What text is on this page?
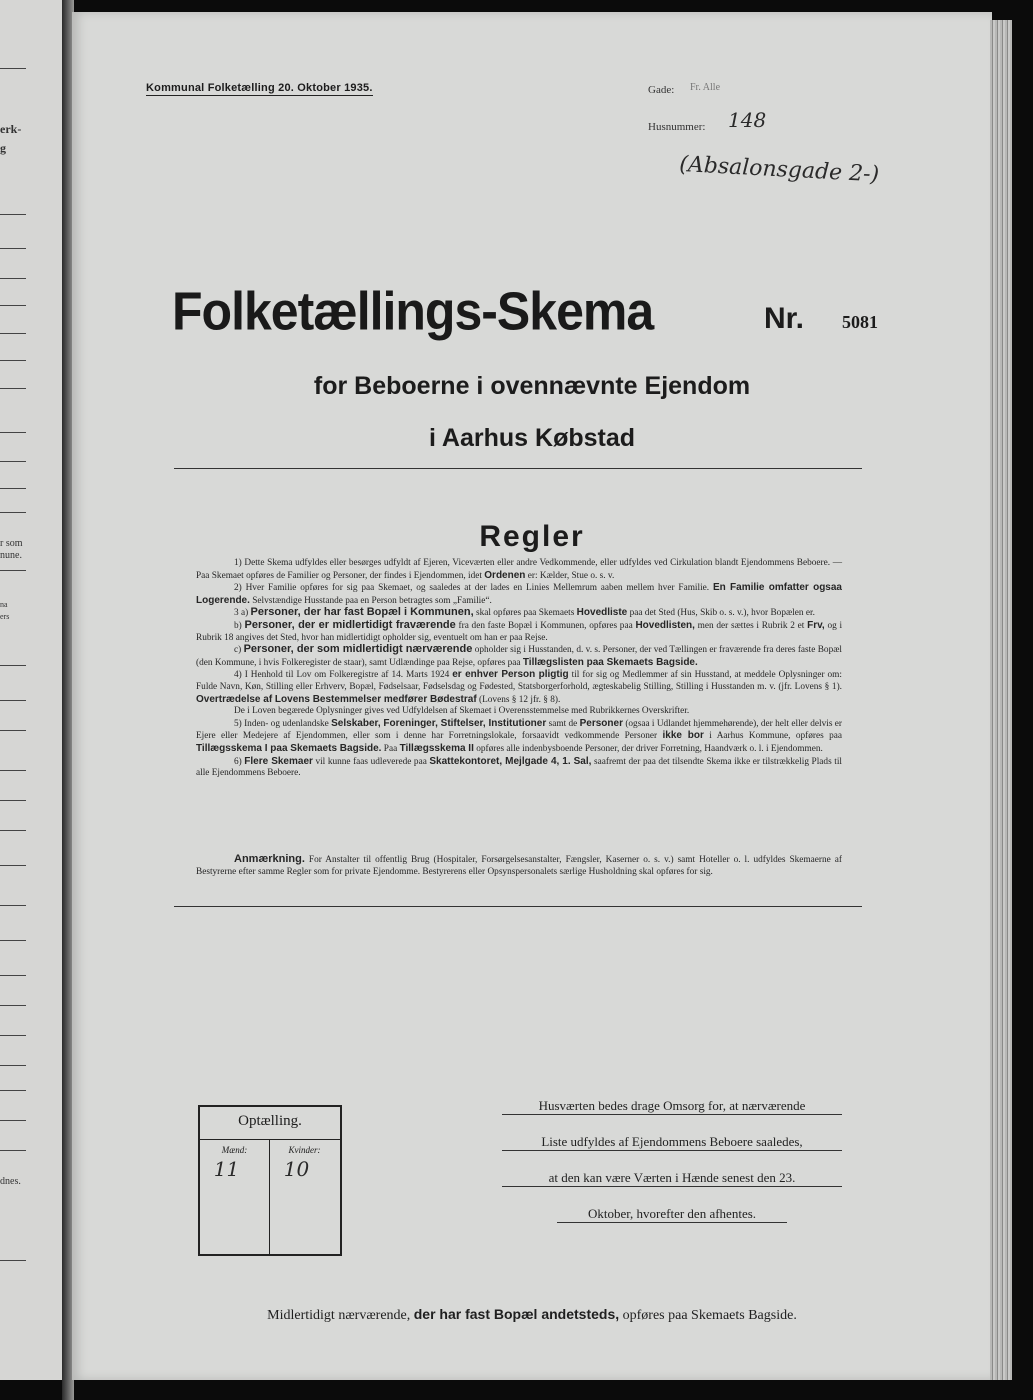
erk-
g
r som
nune.
na
ers
dnes.
Kommunal Folketælling 20. Oktober 1935.	Gade: Fr. Alle
Husnummer: 148
(Absalonsgade 2-)
Folketællings-Skema	Nr. 5081
for Beboerne i ovennævnte Ejendom
i Aarhus Købstad
Regler

1) Dette Skema udfyldes eller besørges udfyldt af Ejeren, Viceværten eller andre Vedkommende, eller udfyldes ved Cirkulation blandt Ejendommens Beboere. — Paa Skemaet opføres de Familier og Personer, der findes i Ejendommen, idet Ordenen er: Kælder, Stue o. s. v.

2) Hver Familie opføres for sig paa Skemaet, og saaledes at der lades en Linies Mellemrum aaben mellem hver Familie. En Familie omfatter ogsaa Logerende. Selvstændige Husstande paa en Person betragtes som „Familie“.

3 a) Personer, der har fast Bopæl i Kommunen, skal opføres paa Skemaets Hovedliste paa det Sted (Hus, Skib o. s. v.), hvor Bopælen er.

b) Personer, der er midlertidigt fraværende fra den faste Bopæl i Kommunen, opføres paa Hovedlisten, men der sættes i Rubrik 2 et Frv, og i Rubrik 18 angives det Sted, hvor han midlertidigt opholder sig, eventuelt om han er paa Rejse.

c) Personer, der som midlertidigt nærværende opholder sig i Husstanden, d. v. s. Personer, der ved Tællingen er fraværende fra deres faste Bopæl (den Kommune, i hvis Folkeregister de staar), samt Udlændinge paa Rejse, opføres paa Tillægslisten paa Skemaets Bagside.

4) I Henhold til Lov om Folkeregistre af 14. Marts 1924 er enhver Person pligtig til for sig og Medlemmer af sin Husstand, at meddele Oplysninger om: Fulde Navn, Køn, Stilling eller Erhverv, Bopæl, Fødselsaar, Fødselsdag og Fødested, Statsborgerforhold, ægteskabelig Stilling, Stilling i Husstanden m. v. (jfr. Lovens § 1). Overtrædelse af Lovens Bestemmelser medfører Bødestraf (Lovens § 12 jfr. § 8).

De i Loven begærede Oplysninger gives ved Udfyldelsen af Skemaet i Overensstemmelse med Rubrikkernes Overskrifter.

5) Inden- og udenlandske Selskaber, Foreninger, Stiftelser, Institutioner samt de Personer (ogsaa i Udlandet hjemmehørende), der helt eller delvis er Ejere eller Medejere af Ejendommen, eller som i denne har Forretningslokale, forsaavidt vedkommende Personer ikke bor i Aarhus Kommune, opføres paa Tillægsskema I paa Skemaets Bagside. Paa Tillægsskema II opføres alle indenbysboende Personer, der driver Forretning, Haandværk o. l. i Ejendommen.

6) Flere Skemaer vil kunne faas udleverede paa Skattekontoret, Mejlgade 4, 1. Sal, saafremt der paa det tilsendte Skema ikke er tilstrækkelig Plads til alle Ejendommens Beboere.

Anmærkning. For Anstalter til offentlig Brug (Hospitaler, Forsørgelsesanstalter, Fængsler, Kaserner o. s. v.) samt Hoteller o. l. udfyldes Skemaerne af Bestyrerne efter samme Regler som for private Ejendomme. Bestyrerens eller Opsynspersonalets særlige Husholdning skal opføres for sig.

Optælling.
Mænd:	Kvinder:
11	10
Husværten bedes drage Omsorg for, at nærværende
Liste udfyldes af Ejendommens Beboere saaledes,
at den kan være Værten i Hænde senest den 23.
Oktober, hvorefter den afhentes.
Midlertidigt nærværende, der har fast Bopæl andetsteds, opføres paa Skemaets Bagside.
